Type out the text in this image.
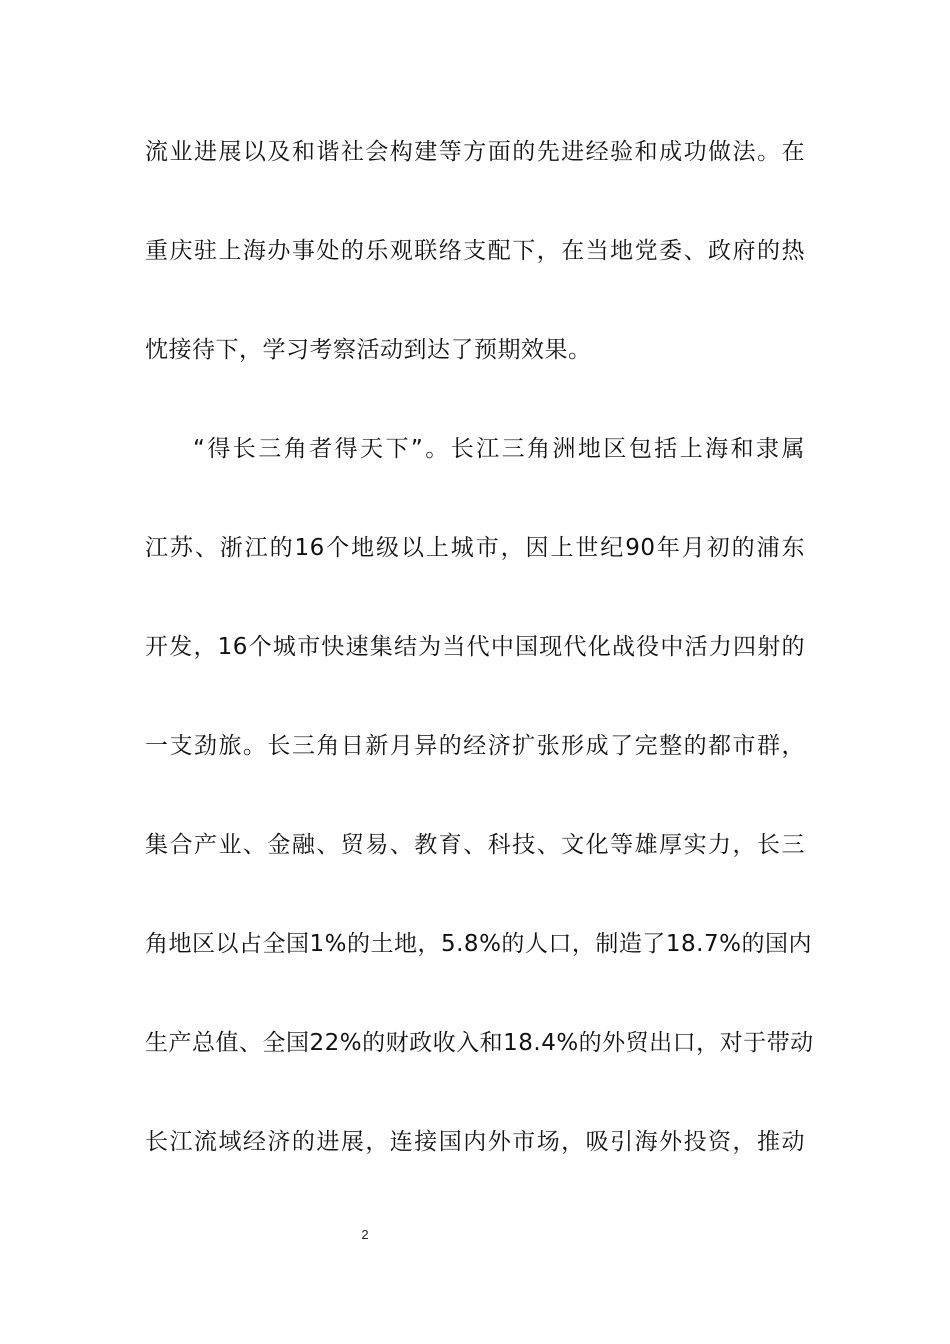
流业进展以及和谐社会构建等方面的先进经验和成功做法。在
重庆驻上海办事处的乐观联络支配下，在当地党委、政府的热
忱接待下，学习考察活动到达了预期效果。
“得长三角者得天下”。长江三角洲地区包括上海和隶属
江苏、浙江的16个地级以上城市，因上世纪90年月初的浦东
开发，16个城市快速集结为当代中国现代化战役中活力四射的
一支劲旅。长三角日新月异的经济扩张形成了完整的都市群，
集合产业、金融、贸易、教育、科技、文化等雄厚实力，长三
角地区以占全国1%的土地，5.8%的人口，制造了18.7%的国内
生产总值、全国22%的财政收入和18.4%的外贸出口，对于带动
长江流域经济的进展，连接国内外市场，吸引海外投资，推动
2
